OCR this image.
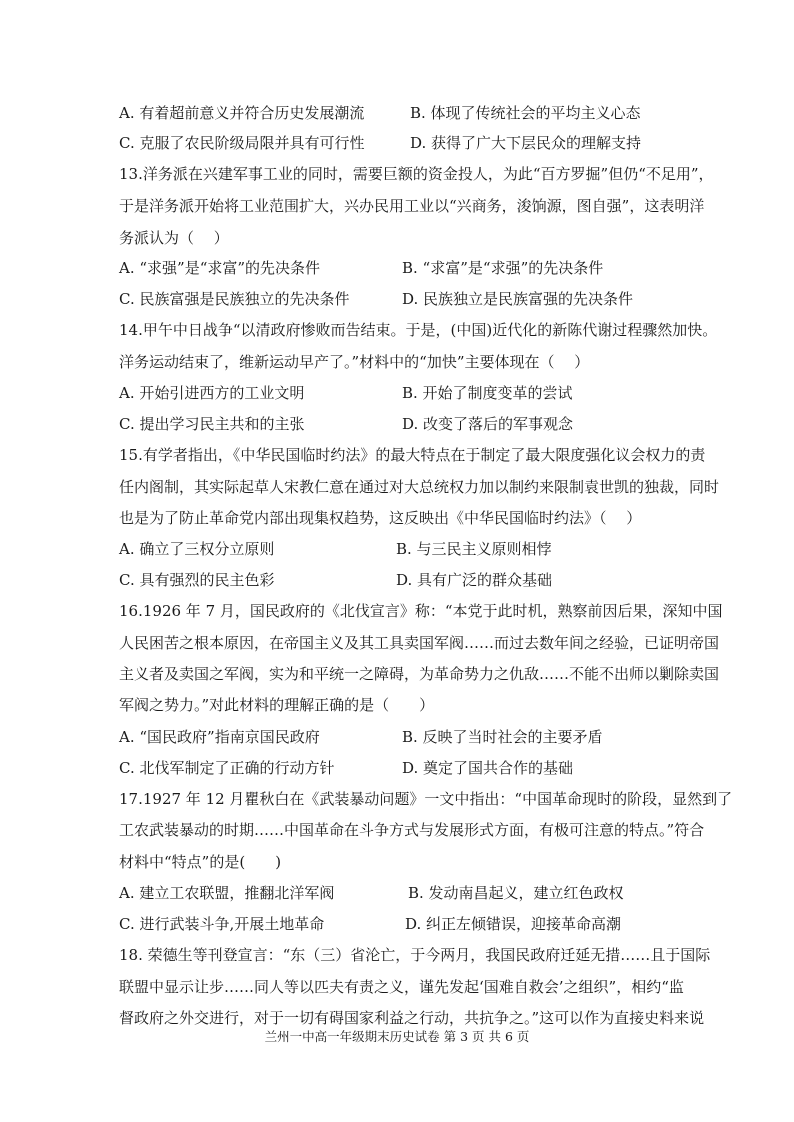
A. 有着超前意义并符合历史发展潮流	B. 体现了传统社会的平均主义心态
C. 克服了农民阶级局限并具有可行性	D. 获得了广大下层民众的理解支持
13.洋务派在兴建军事工业的同时，需要巨额的资金投人，为此“百方罗掘”但仍“不足用”，
于是洋务派开始将工业范围扩大，兴办民用工业以“兴商务，浚饷源，图自强”，这表明洋
务派认为（　 ）
A. “求强”是“求富”的先决条件	B. “求富”是“求强”的先决条件
C. 民族富强是民族独立的先决条件	D. 民族独立是民族富强的先决条件
14.甲午中日战争“以清政府惨败而告结束。于是，(中国)近代化的新陈代谢过程骤然加快。
洋务运动结束了，维新运动早产了。”材料中的“加快”主要体现在（　 ）
A. 开始引进西方的工业文明	B. 开始了制度变革的尝试
C. 提出学习民主共和的主张	D. 改变了落后的军事观念
15.有学者指出，《中华民国临时约法》的最大特点在于制定了最大限度强化议会权力的责
任内阁制，其实际起草人宋教仁意在通过对大总统权力加以制约来限制袁世凯的独裁，同时
也是为了防止革命党内部出现集权趋势，这反映出《中华民国临时约法》（　 ）
A. 确立了三权分立原则	B. 与三民主义原则相悖
C. 具有强烈的民主色彩	D. 具有广泛的群众基础
16.1926 年 7 月，国民政府的《北伐宣言》称：“本党于此时机，熟察前因后果，深知中国
人民困苦之根本原因，在帝国主义及其工具卖国军阀……而过去数年间之经验，已证明帝国
主义者及卖国之军阀，实为和平统一之障碍，为革命势力之仇敌……不能不出师以剿除卖国
军阀之势力。”对此材料的理解正确的是（　　）
A. “国民政府”指南京国民政府	B. 反映了当时社会的主要矛盾
C. 北伐军制定了正确的行动方针	D. 奠定了国共合作的基础
17.1927 年 12 月瞿秋白在《武装暴动问题》一文中指出：“中国革命现时的阶段，显然到了
工农武装暴动的时期……中国革命在斗争方式与发展形式方面，有极可注意的特点。”符合
材料中“特点”的是(　　)
A. 建立工农联盟，推翻北洋军阀	B. 发动南昌起义，建立红色政权
C. 进行武装斗争,开展土地革命	D. 纠正左倾错误，迎接革命高潮
18. 荣德生等刊登宣言：“东（三）省沦亡，于今两月，我国民政府迁延无措……且于国际
联盟中显示让步……同人等以匹夫有责之义，谨先发起‘国难自救会’之组织”，相约“监
督政府之外交进行，对于一切有碍国家利益之行动，共抗争之。”这可以作为直接史料来说
兰州一中高一年级期末历史试卷 第 3 页 共 6 页
